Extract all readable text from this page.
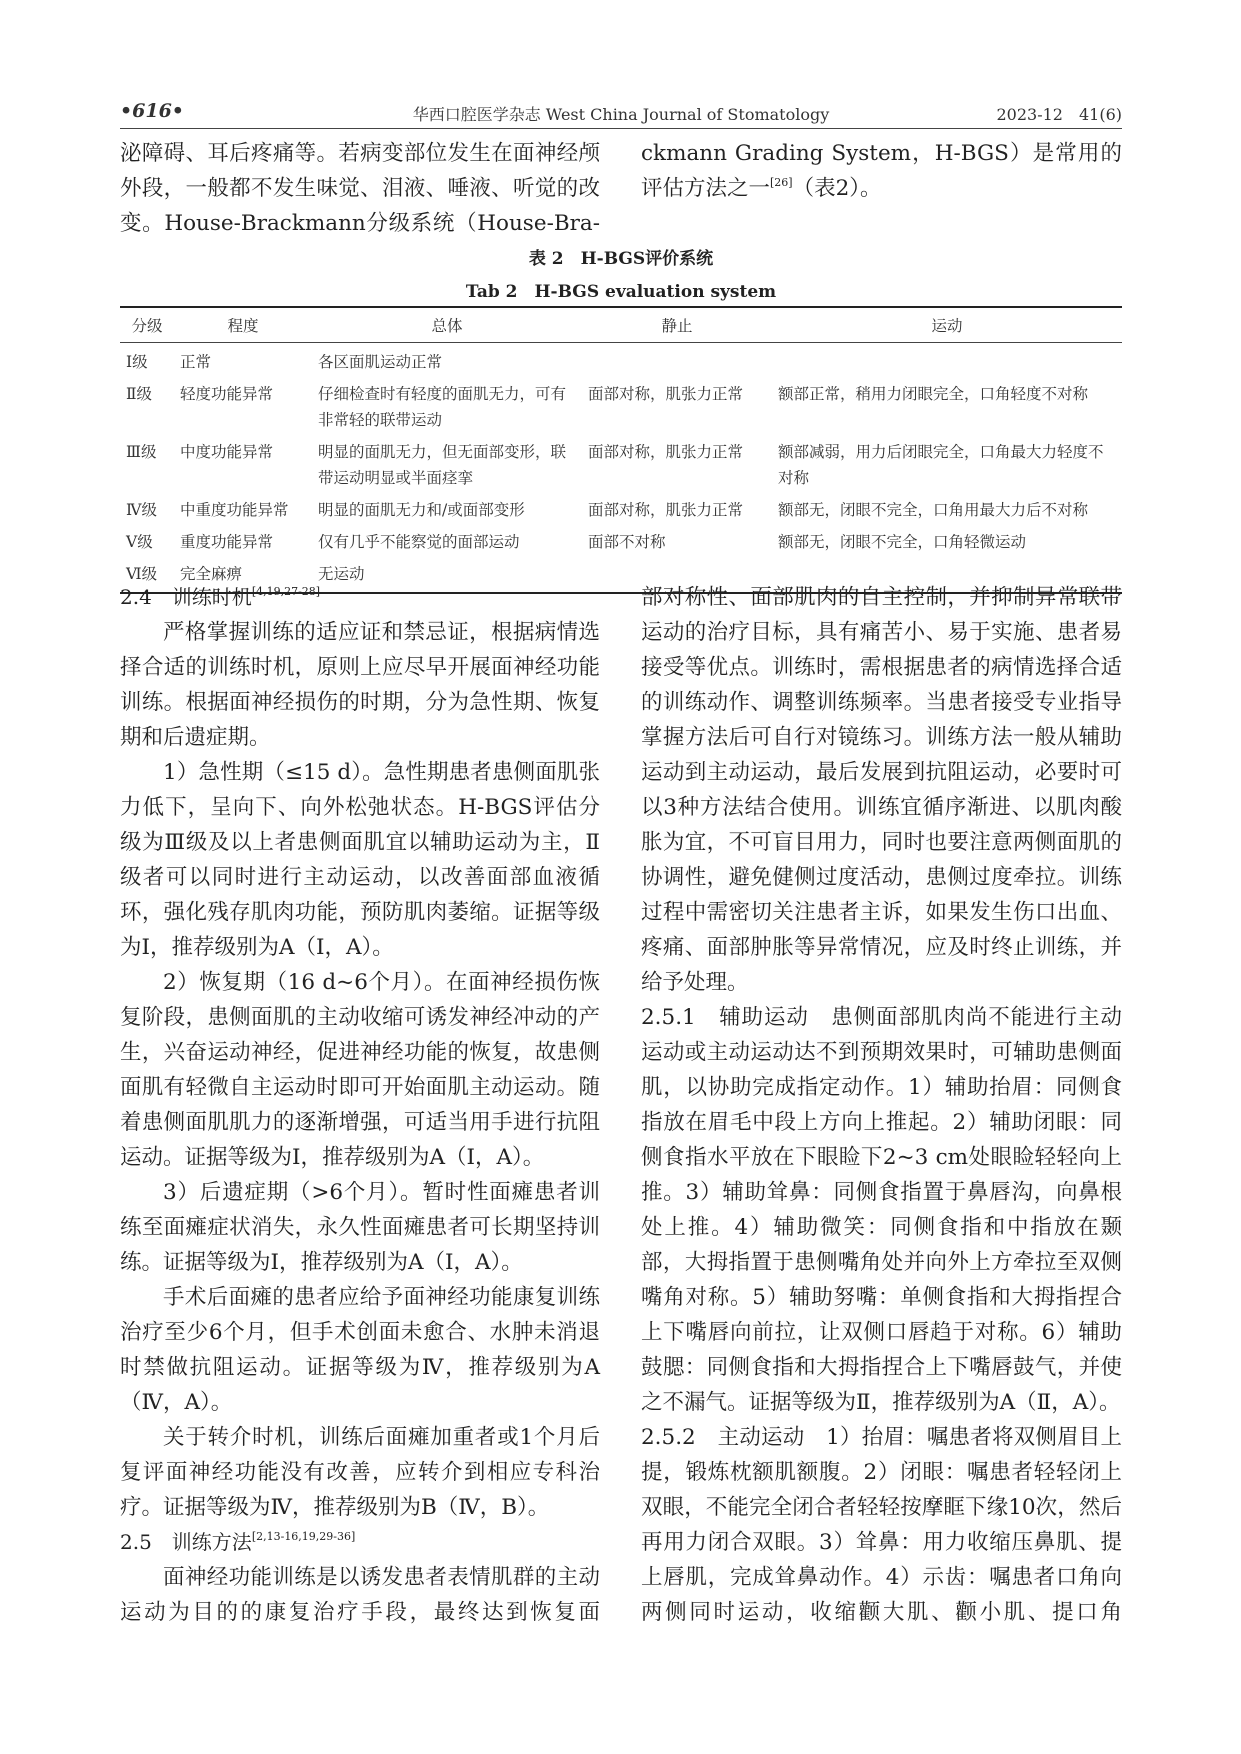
•616•	华西口腔医学杂志 West China Journal of Stomatology	2023-12　41(6)

泌障碍、耳后疼痛等。若病变部位发生在面神经颅外段，一般都不发生味觉、泪液、唾液、听觉的改变。House-Brackmann分级系统（House-Bra-

ckmann Grading System，H-BGS）是常用的评估方法之一[26]（表2）。

表 2　H-BGS评价系统
Tab 2　H-BGS evaluation system
分级	程度	总体	静止	运动
Ⅰ级	正常	各区面肌运动正常		
Ⅱ级	轻度功能异常	仔细检查时有轻度的面肌无力，可有非常轻的联带运动	面部对称，肌张力正常	额部正常，稍用力闭眼完全，口角轻度不对称
Ⅲ级	中度功能异常	明显的面肌无力，但无面部变形，联带运动明显或半面痉挛	面部对称，肌张力正常	额部减弱，用力后闭眼完全，口角最大力轻度不对称
Ⅳ级	中重度功能异常	明显的面肌无力和/或面部变形	面部对称，肌张力正常	额部无，闭眼不完全，口角用最大力后不对称
Ⅴ级	重度功能异常	仅有几乎不能察觉的面部运动	面部不对称	额部无，闭眼不完全，口角轻微运动
Ⅵ级	完全麻痹	无运动		
2.4　训练时机[4,19,27-28]

严格掌握训练的适应证和禁忌证，根据病情选择合适的训练时机，原则上应尽早开展面神经功能训练。根据面神经损伤的时期，分为急性期、恢复期和后遗症期。

1）急性期（≤15 d）。急性期患者患侧面肌张力低下，呈向下、向外松弛状态。H-BGS评估分级为Ⅲ级及以上者患侧面肌宜以辅助运动为主，Ⅱ级者可以同时进行主动运动，以改善面部血液循环，强化残存肌肉功能，预防肌肉萎缩。证据等级为Ⅰ，推荐级别为A（Ⅰ，A）。

2）恢复期（16 d~6个月）。在面神经损伤恢复阶段，患侧面肌的主动收缩可诱发神经冲动的产生，兴奋运动神经，促进神经功能的恢复，故患侧面肌有轻微自主运动时即可开始面肌主动运动。随着患侧面肌肌力的逐渐增强，可适当用手进行抗阻运动。证据等级为Ⅰ，推荐级别为A（Ⅰ，A）。

3）后遗症期（>6个月）。暂时性面瘫患者训练至面瘫症状消失，永久性面瘫患者可长期坚持训练。证据等级为Ⅰ，推荐级别为A（Ⅰ，A）。

手术后面瘫的患者应给予面神经功能康复训练治疗至少6个月，但手术创面未愈合、水肿未消退时禁做抗阻运动。证据等级为Ⅳ，推荐级别为A（Ⅳ，A）。

关于转介时机，训练后面瘫加重者或1个月后复评面神经功能没有改善，应转介到相应专科治疗。证据等级为Ⅳ，推荐级别为B（Ⅳ，B）。

2.5　训练方法[2,13-16,19,29-36]

面神经功能训练是以诱发患者表情肌群的主动运动为目的的康复治疗手段，最终达到恢复面

部对称性、面部肌肉的自主控制，并抑制异常联带运动的治疗目标，具有痛苦小、易于实施、患者易接受等优点。训练时，需根据患者的病情选择合适的训练动作、调整训练频率。当患者接受专业指导掌握方法后可自行对镜练习。训练方法一般从辅助运动到主动运动，最后发展到抗阻运动，必要时可以3种方法结合使用。训练宜循序渐进、以肌肉酸胀为宜，不可盲目用力，同时也要注意两侧面肌的协调性，避免健侧过度活动，患侧过度牵拉。训练过程中需密切关注患者主诉，如果发生伤口出血、疼痛、面部肿胀等异常情况，应及时终止训练，并给予处理。

2.5.1　辅助运动　患侧面部肌肉尚不能进行主动运动或主动运动达不到预期效果时，可辅助患侧面肌，以协助完成指定动作。1）辅助抬眉：同侧食指放在眉毛中段上方向上推起。2）辅助闭眼：同侧食指水平放在下眼睑下2~3 cm处眼睑轻轻向上推。3）辅助耸鼻：同侧食指置于鼻唇沟，向鼻根处上推。4）辅助微笑：同侧食指和中指放在颞部，大拇指置于患侧嘴角处并向外上方牵拉至双侧嘴角对称。5）辅助努嘴：单侧食指和大拇指捏合上下嘴唇向前拉，让双侧口唇趋于对称。6）辅助鼓腮：同侧食指和大拇指捏合上下嘴唇鼓气，并使之不漏气。证据等级为Ⅱ，推荐级别为A（Ⅱ，A）。

2.5.2　主动运动　1）抬眉：嘱患者将双侧眉目上提，锻炼枕额肌额腹。2）闭眼：嘱患者轻轻闭上双眼，不能完全闭合者轻轻按摩眶下缘10次，然后再用力闭合双眼。3）耸鼻：用力收缩压鼻肌、提上唇肌，完成耸鼻动作。4）示齿：嘱患者口角向两侧同时运动，收缩颧大肌、颧小肌、提口角
